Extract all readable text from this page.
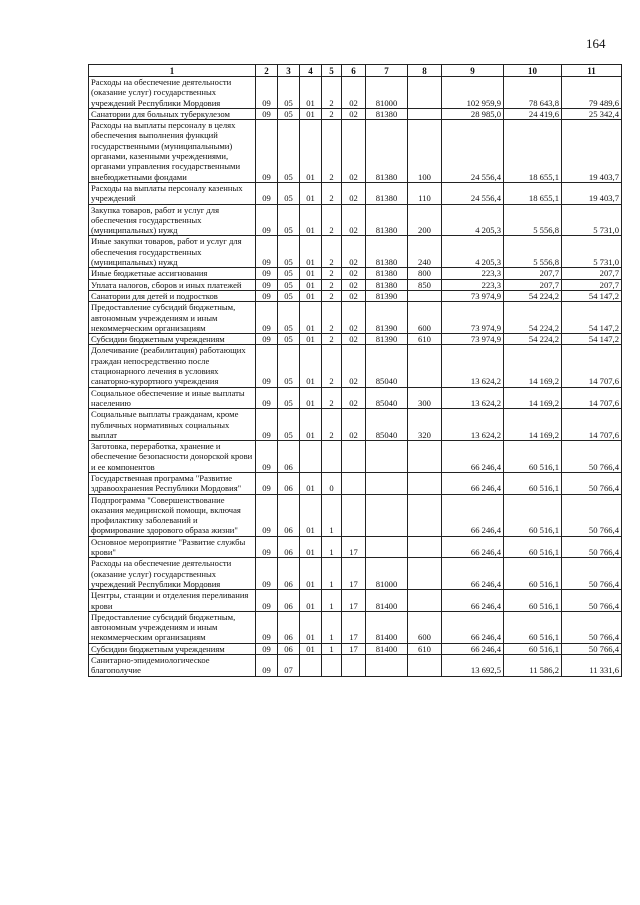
164
1	2	3	4	5	6	7	8	9	10	11
Расходы на обеспечение деятельности (оказание услуг) государственных учреждений Республики Мордовия	09	05	01	2	02	81000		102 959,9	78 643,8	79 489,6
Санатории для больных туберкулезом	09	05	01	2	02	81380		28 985,0	24 419,6	25 342,4
Расходы на выплаты персоналу в целях обеспечения выполнения функций государственными (муниципальными) органами, казенными учреждениями, органами управления государственными внебюджетными фондами	09	05	01	2	02	81380	100	24 556,4	18 655,1	19 403,7
Расходы на выплаты персоналу казенных учреждений	09	05	01	2	02	81380	110	24 556,4	18 655,1	19 403,7
Закупка товаров, работ и услуг для обеспечения государственных (муниципальных) нужд	09	05	01	2	02	81380	200	4 205,3	5 556,8	5 731,0
Иные закупки товаров, работ и услуг для обеспечения государственных (муниципальных) нужд	09	05	01	2	02	81380	240	4 205,3	5 556,8	5 731,0
Иные бюджетные ассигнования	09	05	01	2	02	81380	800	223,3	207,7	207,7
Уплата налогов, сборов и иных платежей	09	05	01	2	02	81380	850	223,3	207,7	207,7
Санатории для детей и подростков	09	05	01	2	02	81390		73 974,9	54 224,2	54 147,2
Предоставление субсидий бюджетным, автономным учреждениям и иным некоммерческим организациям	09	05	01	2	02	81390	600	73 974,9	54 224,2	54 147,2
Субсидии бюджетным учреждениям	09	05	01	2	02	81390	610	73 974,9	54 224,2	54 147,2
Долечивание (реабилитация) работающих граждан непосредственно после стационарного лечения в условиях санаторно-курортного учреждения	09	05	01	2	02	85040		13 624,2	14 169,2	14 707,6
Социальное обеспечение и иные выплаты населению	09	05	01	2	02	85040	300	13 624,2	14 169,2	14 707,6
Социальные выплаты гражданам, кроме публичных нормативных социальных выплат	09	05	01	2	02	85040	320	13 624,2	14 169,2	14 707,6
Заготовка, переработка, хранение и обеспечение безопасности донорской крови и ее компонентов	09	06						66 246,4	60 516,1	50 766,4
Государственная программа "Развитие здравоохранения Республики Мордовия"	09	06	01	0				66 246,4	60 516,1	50 766,4
Подпрограмма "Совершенствование оказания медицинской помощи, включая профилактику заболеваний и формирование здорового образа жизни"	09	06	01	1				66 246,4	60 516,1	50 766,4
Основное мероприятие "Развитие службы крови"	09	06	01	1	17			66 246,4	60 516,1	50 766,4
Расходы на обеспечение деятельности (оказание услуг) государственных учреждений Республики Мордовия	09	06	01	1	17	81000		66 246,4	60 516,1	50 766,4
Центры, станции и отделения переливания крови	09	06	01	1	17	81400		66 246,4	60 516,1	50 766,4
Предоставление субсидий бюджетным, автономным учреждениям и иным некоммерческим организациям	09	06	01	1	17	81400	600	66 246,4	60 516,1	50 766,4
Субсидии бюджетным учреждениям	09	06	01	1	17	81400	610	66 246,4	60 516,1	50 766,4
Санитарно-эпидемиологическое благополучие	09	07						13 692,5	11 586,2	11 331,6
